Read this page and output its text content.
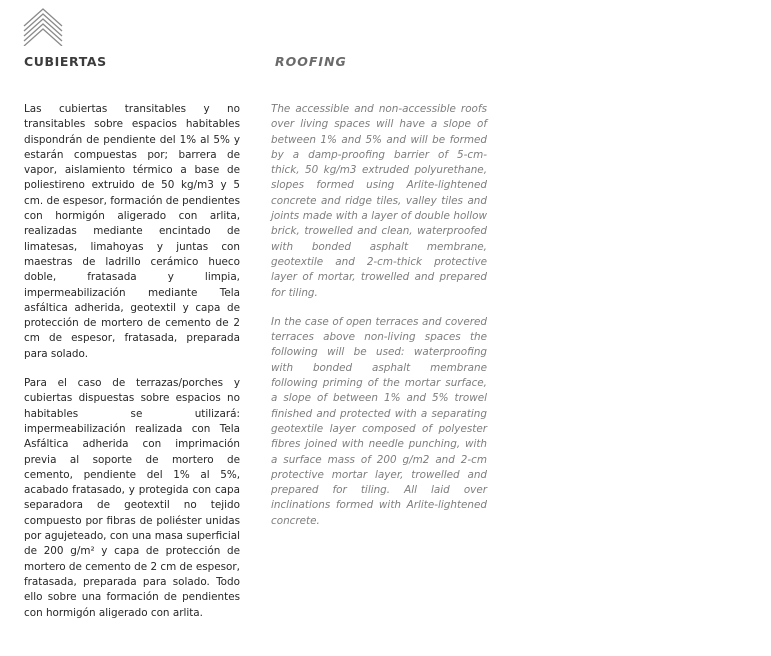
CUBIERTAS	ROOFING

Las cubiertas transitables y no transitables sobre espacios habitables dispondrán de pendiente del 1% al 5% y estarán compuestas por; barrera de vapor, aislamiento térmico a base de poliestireno extruido de 50 kg/m3 y 5 cm. de espesor, formación de pendientes con hormigón aligerado con arlita, realizadas mediante encintado de limatesas, limahoyas y juntas con maestras de ladrillo cerámico hueco doble, fratasada y limpia, impermeabilización mediante Tela asfáltica adherida, geotextil y capa de protección de mortero de cemento de 2 cm de espesor, fratasada, preparada para solado.

Para el caso de terrazas/porches y cubiertas dispuestas sobre espacios no habitables se utilizará: impermeabilización realizada con Tela Asfáltica adherida con imprimación previa al soporte de mortero de cemento, pendiente del 1% al 5%, acabado fratasado, y protegida con capa separadora de geotextil no tejido compuesto por fibras de poliéster unidas por agujeteado, con una masa superficial de 200 g/m² y capa de protección de mortero de cemento de 2 cm de espesor, fratasada, preparada para solado. Todo ello sobre una formación de pendientes con hormigón aligerado con arlita.

The accessible and non-accessible roofs over living spaces will have a slope of between 1% and 5% and will be formed by a damp-proofing barrier of 5-cm-thick, 50 kg/m3 extruded polyurethane, slopes formed using Arlite-lightened concrete and ridge tiles, valley tiles and joints made with a layer of double hollow brick, trowelled and clean, waterproofed with bonded asphalt membrane, geotextile and 2-cm-thick protective layer of mortar, trowelled and prepared for tiling.

In the case of open terraces and covered terraces above non-living spaces the following will be used: waterproofing with bonded asphalt membrane following priming of the mortar surface, a slope of between 1% and 5% trowel finished and protected with a separating geotextile layer composed of polyester fibres joined with needle punching, with a surface mass of 200 g/m2 and 2-cm protective mortar layer, trowelled and prepared for tiling. All laid over inclinations formed with Arlite-lightened concrete.
